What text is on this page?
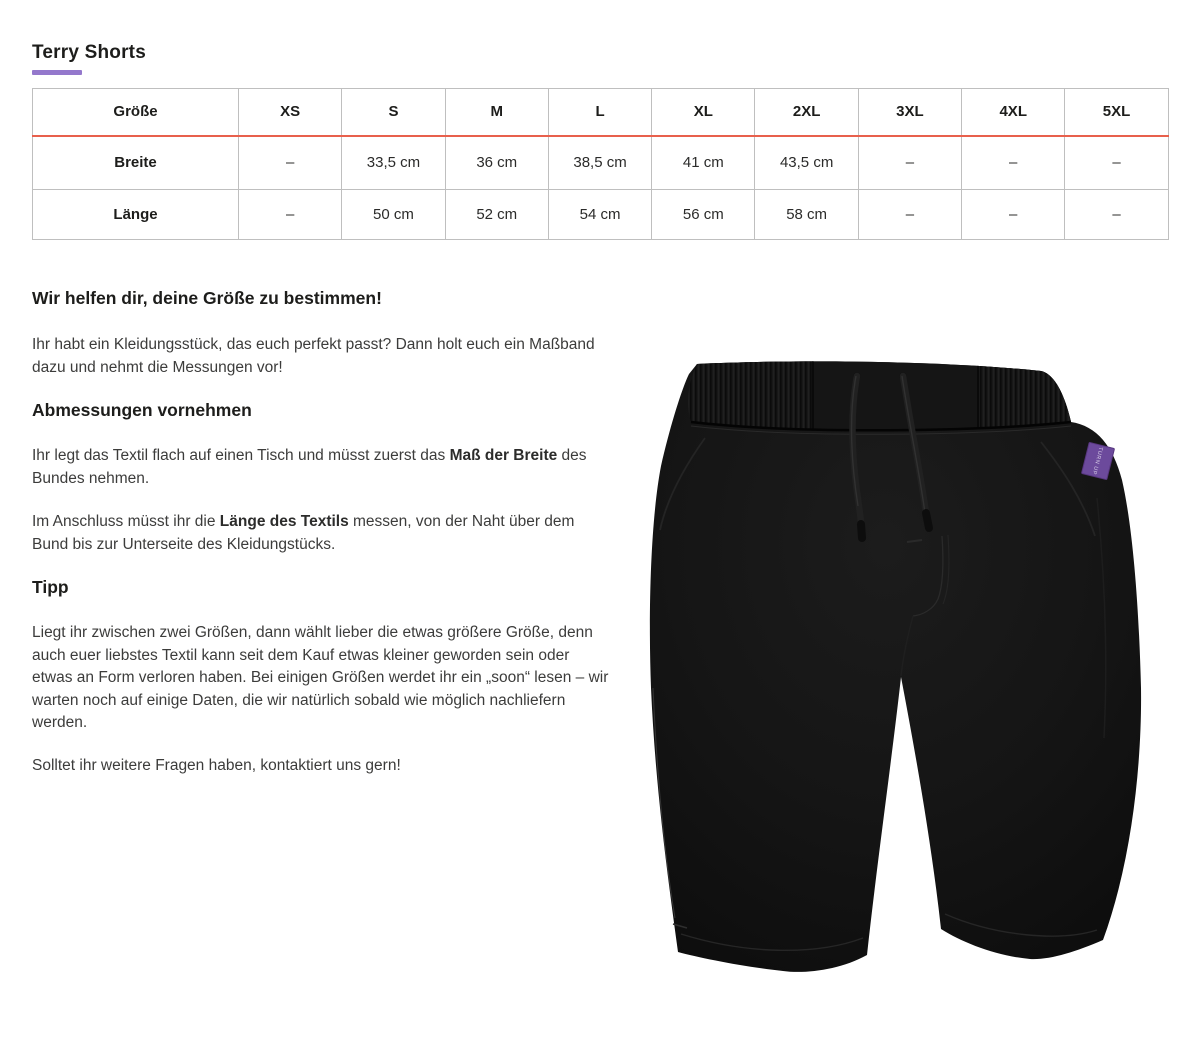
Terry Shorts
Größe	XS	S	M	L	XL	2XL	3XL	4XL	5XL
Breite	–	33,5 cm	36 cm	38,5 cm	41 cm	43,5 cm	–	–	–
Länge	–	50 cm	52 cm	54 cm	56 cm	58 cm	–	–	–
Wir helfen dir, deine Größe zu bestimmen!

Ihr habt ein Kleidungsstück, das euch perfekt passt? Dann holt euch ein Maßband dazu und nehmt die Messungen vor!

Abmessungen vornehmen

Ihr legt das Textil flach auf einen Tisch und müsst zuerst das Maß der Breite des Bundes nehmen.

Im Anschluss müsst ihr die Länge des Textils messen, von der Naht über dem Bund bis zur Unterseite des Kleidungstücks.

Tipp

Liegt ihr zwischen zwei Größen, dann wählt lieber die etwas größere Größe, denn auch euer liebstes Textil kann seit dem Kauf etwas kleiner geworden sein oder etwas an Form verloren haben. Bei einigen Größen werdet ihr ein „soon“ lesen – wir warten noch auf einige Daten, die wir natürlich sobald wie möglich nachliefern werden.

Solltet ihr weitere Fragen haben, kontaktiert uns gern!

TURN UP
